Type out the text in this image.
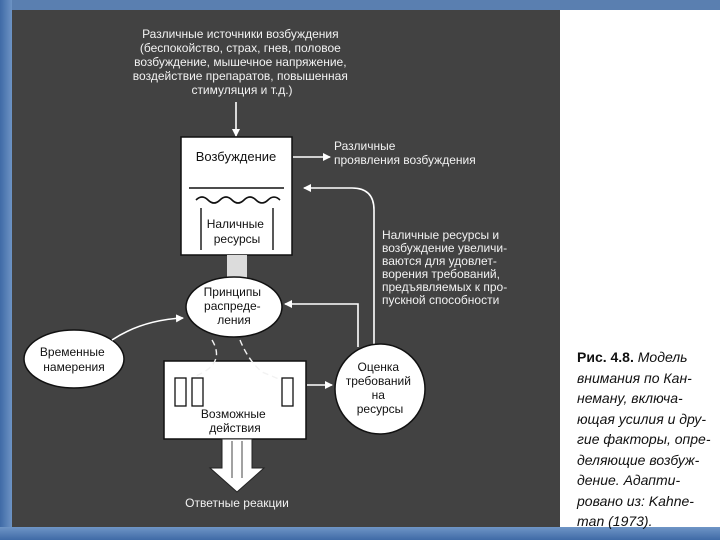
Различные источники возбуждения (беспокойство, страх, гнев, половое возбуждение, мышечное напряжение, воздействие препаратов, повышенная стимуляция и т.д.)
Возбуждение
Наличные ресурсы
Различные проявления возбуждения
Наличные ресурсы и возбуждение увеличи- ваются для удовлет- ворения требований, предъявляемых к про- пускной способности
Принципы распреде- ления
Временные намерения
Возможные действия
Оценка требований на ресурсы
Ответные реакции

Рис. 4.8. Модель
внимания по Кан-
неману, включа-
ющая усилия и дру-
гие факторы, опре-
деляющие возбуж-
дение. Адапти-
ровано из: Kahne-
man (1973).
